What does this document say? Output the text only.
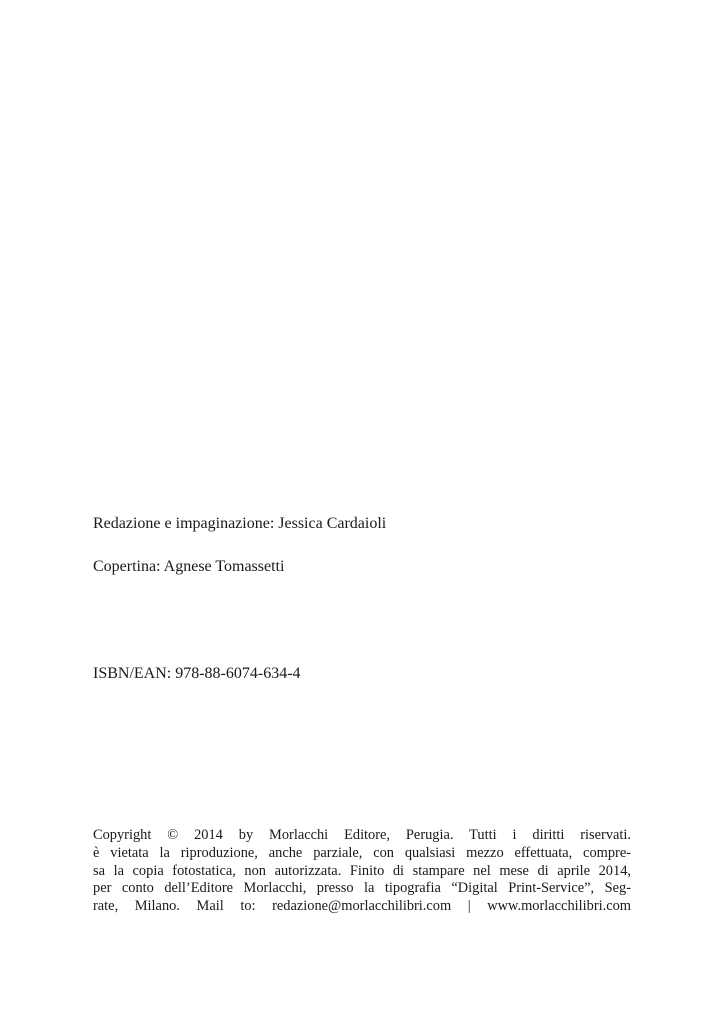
Redazione e impaginazione: Jessica Cardaioli
Copertina: Agnese Tomassetti
ISBN/EAN: 978-88-6074-634-4
Copyright © 2014 by Morlacchi Editore, Perugia. Tutti i diritti riservati.
è vietata la riproduzione, anche parziale, con qualsiasi mezzo effettuata, compre-
sa la copia fotostatica, non autorizzata. Finito di stampare nel mese di aprile 2014,
per conto dell’Editore Morlacchi, presso la tipografia “Digital Print-Service”, Seg-
rate, Milano. Mail to: redazione@morlacchilibri.com | www.morlacchilibri.com
